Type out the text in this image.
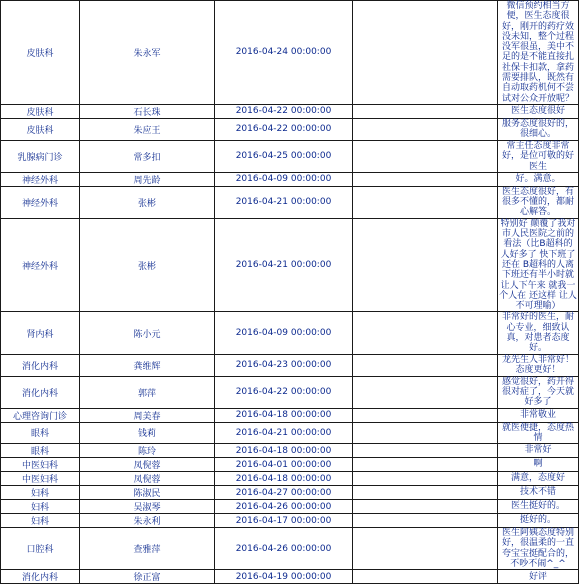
皮肤科	朱永军	2016-04-24 00:00:00		微信预约相当方便，医生态度很好，刚开的药疗效没未知，整个过程没军很虽，美中不足的是不能直接扎社保卡扣款，拿药需要排队，既然有自动取药机何不尝试对公众开放呢？
皮肤科	石长珠	2016-04-22 00:00:00		医生态度很好
皮肤科	朱应王	2016-04-22 00:00:00		服务态度很好的，很细心。
乳腺病门诊	常多扣	2016-04-25 00:00:00		常主任态度非常好，是位可敬的好医生
神经外科	周先龄	2016-04-09 00:00:00		好。满意。
神经外科	张彬	2016-04-21 00:00:00		医生态度很好，有很多不懂的，都耐心解答。
神经外科	张彬	2016-04-21 00:00:00		特别好 颠覆了我对市人民医院之前的看法（比B超科的人好多了 快下班了还在 B超科的人离下班还有半小时就让人下午来 就我一个人在 还这样 让人不可理喻）
肾内科	陈小元	2016-04-09 00:00:00		非常好的医生，耐心专业，细致认真，对患者态度好。
消化内科	龚维辉	2016-04-23 00:00:00		龙先生人非常好！态度更好！
消化内科	郭萍	2016-04-22 00:00:00		感觉很好，药开得很对症了，今天就好多了
心理咨询门诊	周美春	2016-04-18 00:00:00		非常敬业
眼科	钱莉	2016-04-21 00:00:00		就医便捷，态度热情
眼科	陈玲	2016-04-18 00:00:00		非常好
中医妇科	凤倪蓉	2016-04-01 00:00:00		啊
中医妇科	凤倪蓉	2016-04-18 00:00:00		满意，态度好
妇科	陈淑民	2016-04-27 00:00:00		技术不错
妇科	吴淑琴	2016-04-26 00:00:00		医生挺好的。
妇科	朱永利	2016-04-17 00:00:00		挺好的。
口腔科	查雅萍	2016-04-26 00:00:00		医生阿姨态度特别好，很温柔的一直夸宝宝挺配合的，不吵不闹^_^
消化内科	徐正富	2016-04-19 00:00:00		好评
